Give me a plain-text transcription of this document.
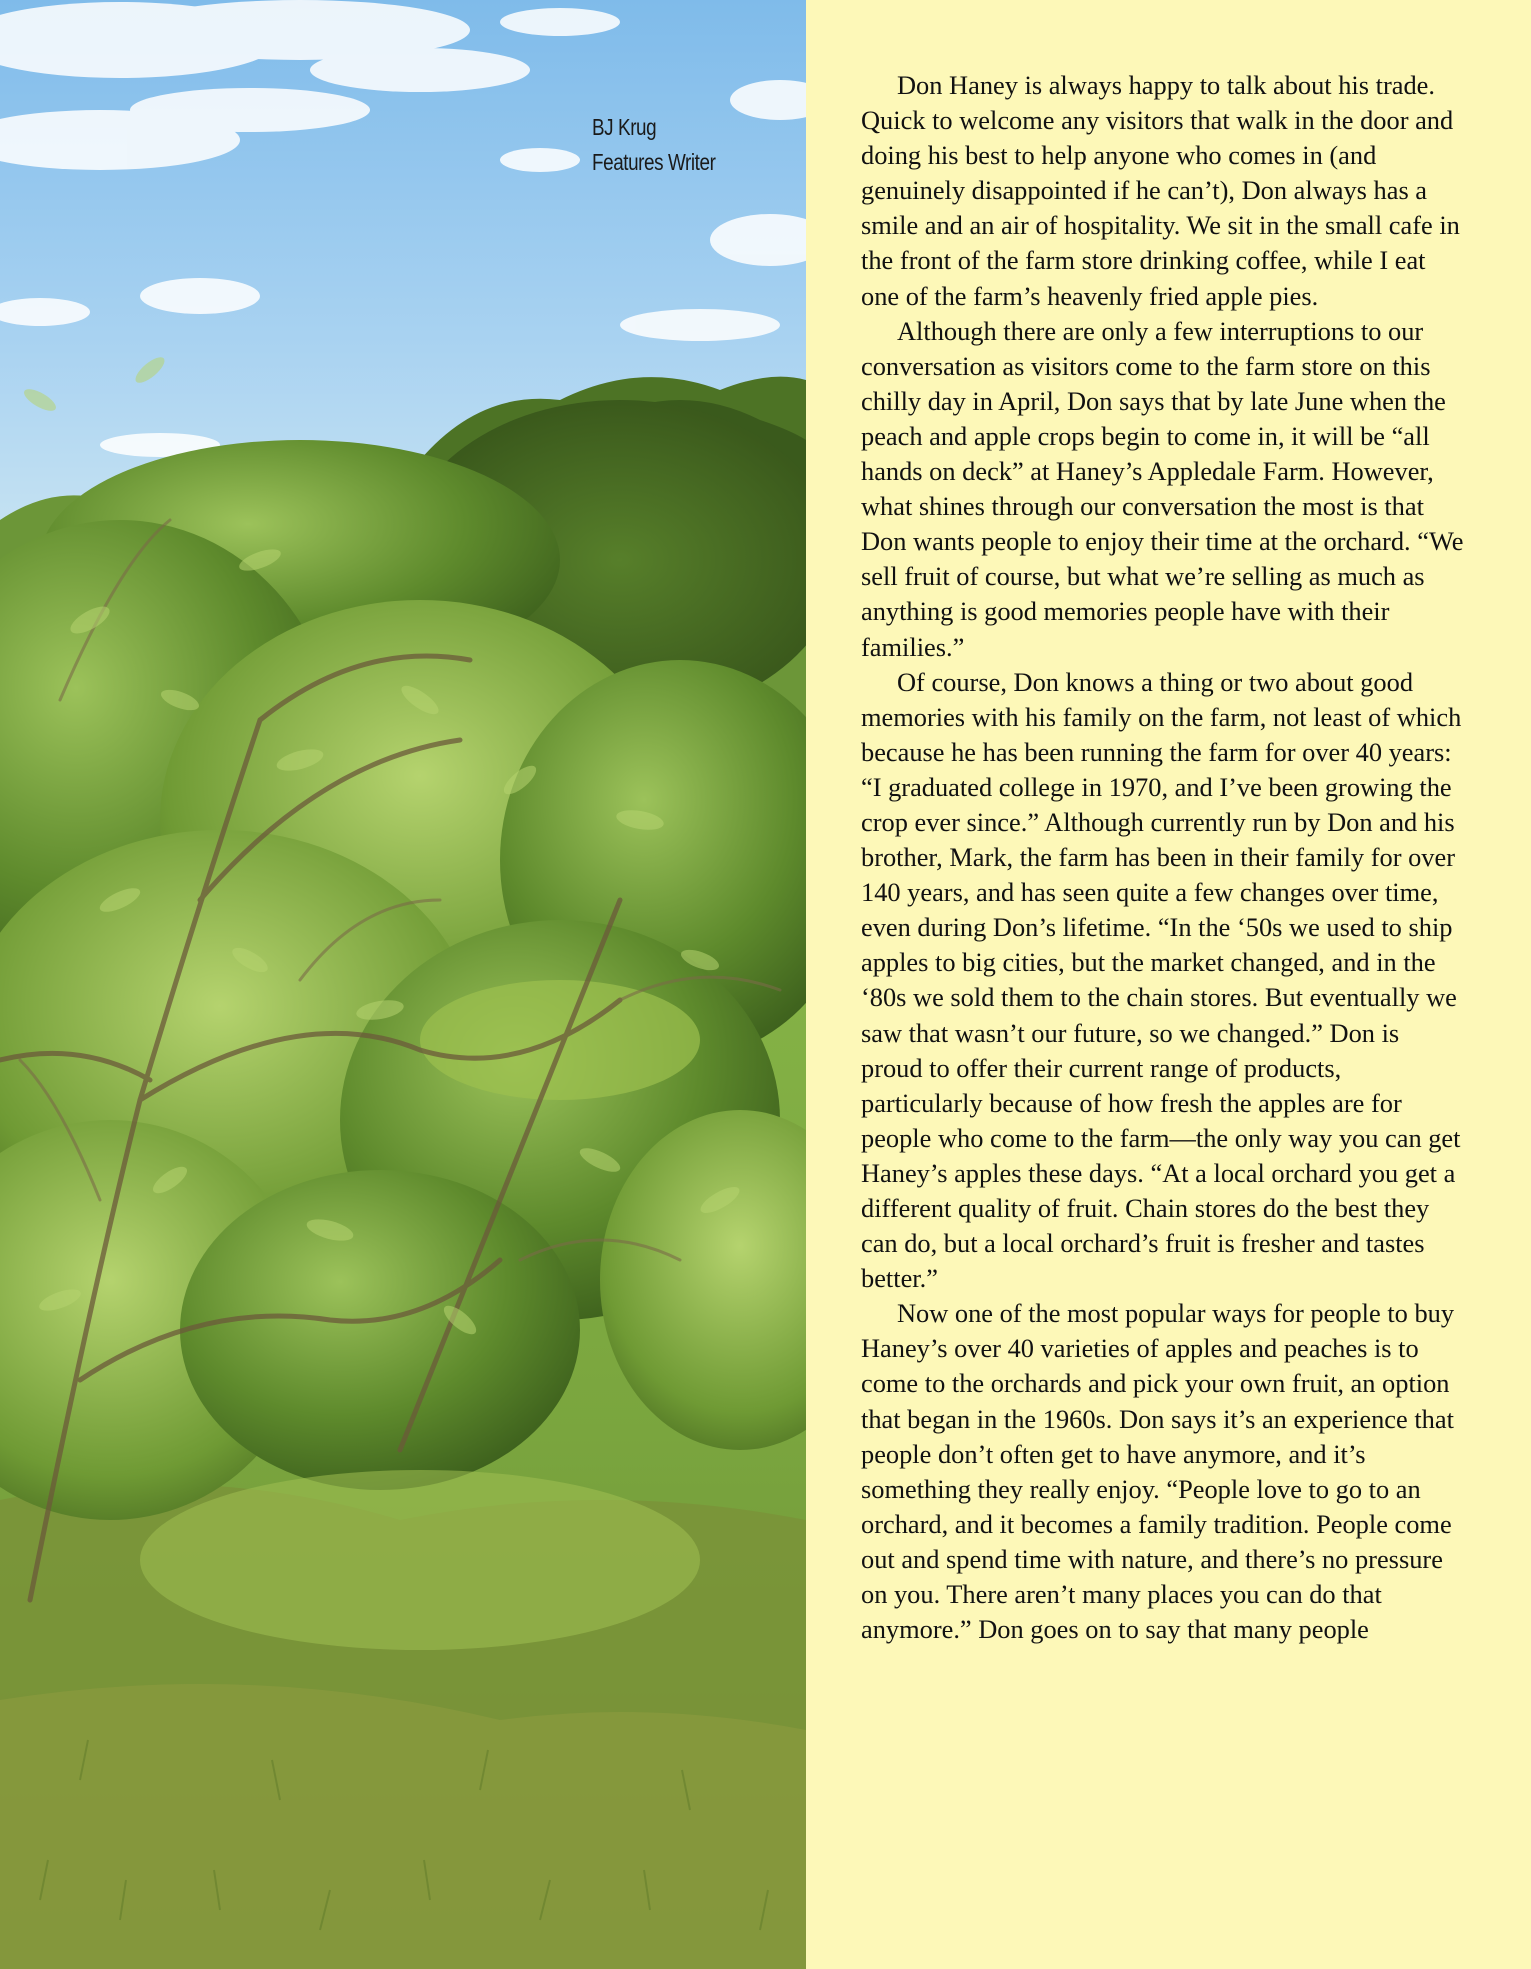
BJ Krug
Features Writer

Don Haney is always happy to talk about his trade. Quick to welcome any visitors that walk in the door and doing his best to help anyone who comes in (and genuinely disappointed if he can’t), Don always has a smile and an air of hospitality. We sit in the small cafe in the front of the farm store drinking coffee, while I eat one of the farm’s heavenly fried apple pies.

Although there are only a few interruptions to our conversation as visitors come to the farm store on this chilly day in April, Don says that by late June when the peach and apple crops begin to come in, it will be “all hands on deck” at Haney’s Appledale Farm. However, what shines through our conversation the most is that Don wants people to enjoy their time at the orchard. “We sell fruit of course, but what we’re selling as much as anything is good memories people have with their families.”

Of course, Don knows a thing or two about good memories with his family on the farm, not least of which because he has been running the farm for over 40 years: “I graduated college in 1970, and I’ve been growing the crop ever since.” Although currently run by Don and his brother, Mark, the farm has been in their family for over 140 years, and has seen quite a few changes over time, even during Don’s lifetime. “In the ‘50s we used to ship apples to big cities, but the market changed, and in the ‘80s we sold them to the chain stores. But eventually we saw that wasn’t our future, so we changed.” Don is proud to offer their current range of products, particularly because of how fresh the apples are for people who come to the farm—the only way you can get Haney’s apples these days. “At a local orchard you get a different quality of fruit. Chain stores do the best they can do, but a local orchard’s fruit is fresher and tastes better.”

Now one of the most popular ways for people to buy Haney’s over 40 varieties of apples and peaches is to come to the orchards and pick your own fruit, an option that began in the 1960s. Don says it’s an experience that people don’t often get to have anymore, and it’s something they really enjoy. “People love to go to an orchard, and it becomes a family tradition. People come out and spend time with nature, and there’s no pressure on you. There aren’t many places you can do that anymore.” Don goes on to say that many people
